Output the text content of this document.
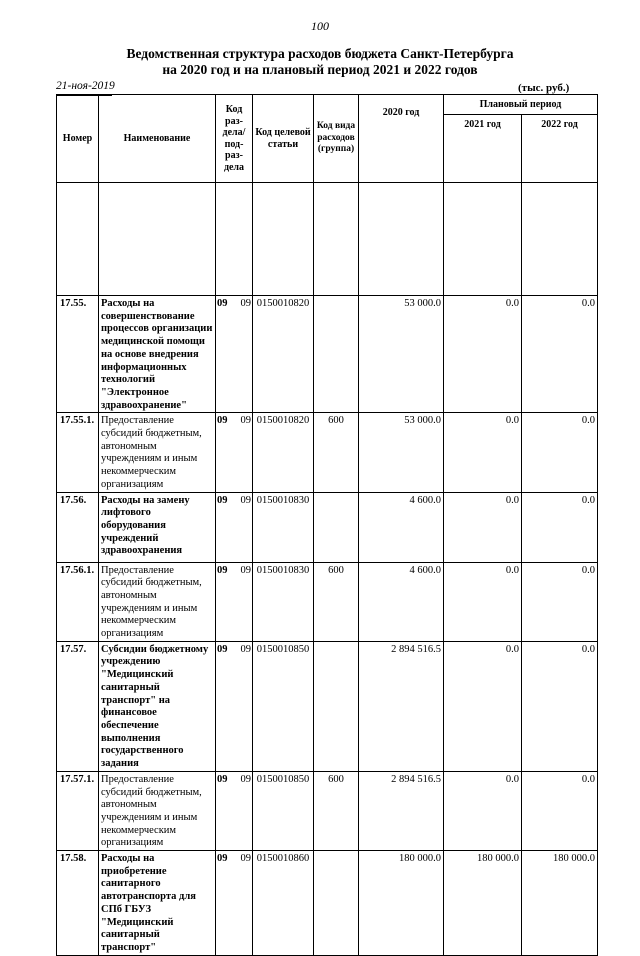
100
Ведомственная структура расходов бюджета Санкт-Петербурга
на 2020 год и на плановый период 2021 и 2022 годов
21-ноя-2019	(тыс. руб.)
Номер	Наименование	Код раз- дела/ под- раз- дела	Код целевой статьи	Код вида расходов (группа)	2020 год	Плановый период	
						2021 год	2022 год

17.55.	Расходы на совершенствование процессов организации медицинской помощи на основе внедрения информационных технологий "Электронное здравоохранение"	09 09	0150010820		53 000.0	0.0	0.0
17.55.1.	Предоставление субсидий бюджетным, автономным учреждениям и иным некоммерческим организациям	09 09	0150010820	600	53 000.0	0.0	0.0
17.56.	Расходы на замену лифтового оборудования учреждений здравоохранения	09 09	0150010830		4 600.0	0.0	0.0
17.56.1.	Предоставление субсидий бюджетным, автономным учреждениям и иным некоммерческим организациям	09 09	0150010830	600	4 600.0	0.0	0.0
17.57.	Субсидии бюджетному учреждению "Медицинский санитарный транспорт" на финансовое обеспечение выполнения государственного задания	09 09	0150010850		2 894 516.5	0.0	0.0
17.57.1.	Предоставление субсидий бюджетным, автономным учреждениям и иным некоммерческим организациям	09 09	0150010850	600	2 894 516.5	0.0	0.0
17.58.	Расходы на приобретение санитарного автотранспорта для СПб ГБУЗ "Медицинский санитарный транспорт"	09 09	0150010860		180 000.0	180 000.0	180 000.0
